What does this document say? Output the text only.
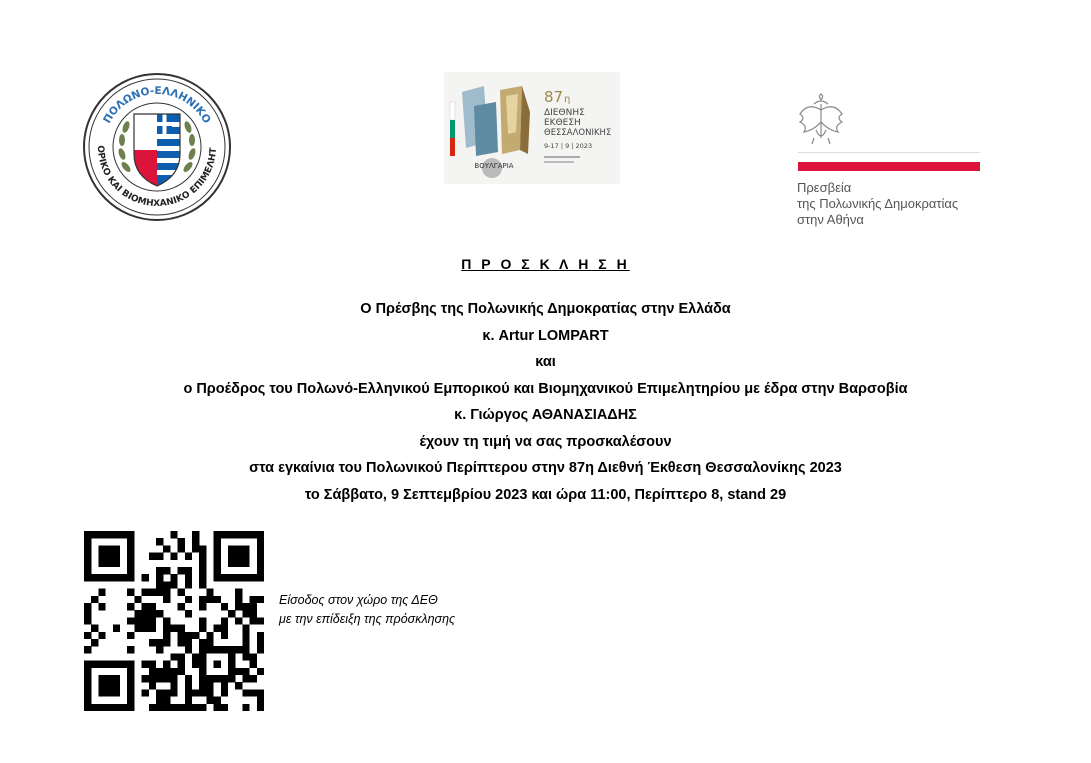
ΠΟΛΩΝΟ-ΕΛΛΗΝΙΚΟ
ΟΡΙΚΟ ΚΑΙ ΒΙΟΜΗΧΑΝΙΚΟ ΕΠΙΜΕΛΗΤ
ΒΟΥΛΓΑΡΙΑ
87 η
ΔΙΕΘΝΗΣ
ΕΚΘΕΣΗ
ΘΕΣΣΑΛΟΝΙΚΗΣ
9-17 | 9 | 2023
Πρεσβεία
της Πολωνικής Δημοκρατίας
στην Αθήνα
Π Ρ Ο Σ Κ Λ Η Σ Η
Ο Πρέσβης της Πολωνικής Δημοκρατίας στην Ελλάδα
κ. Artur LOMPART
και
ο Προέδρος του Πολωνό-Ελληνικού Εμπορικού και Βιομηχανικού Επιμελητηρίου με έδρα στην Βαρσοβία
κ. Γιώργος ΑΘΑΝΑΣΙΑΔΗΣ
έχουν τη τιμή να σας προσκαλέσουν
στα εγκαίνια του Πολωνικού Περίπτερου στην 87η Διεθνή Έκθεση Θεσσαλονίκης 2023
το Σάββατο, 9 Σεπτεμβρίου 2023 και ώρα 11:00, Περίπτερο 8, stand 29
Είσοδος στον χώρο της ΔΕΘ
με την επίδειξη της πρόσκλησης
